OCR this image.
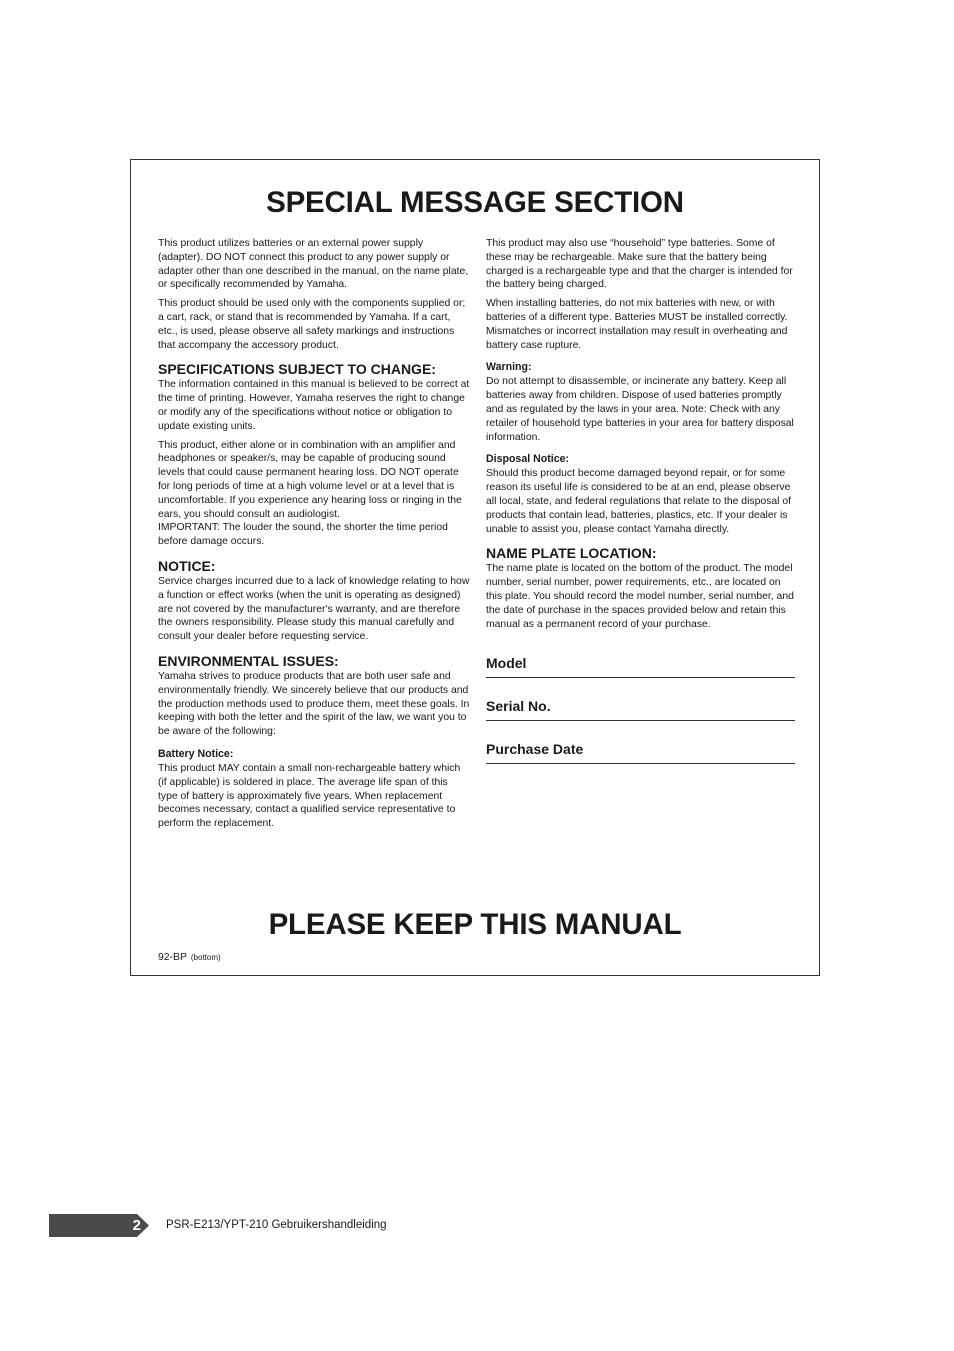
SPECIAL MESSAGE SECTION

This product utilizes batteries or an external power supply (adapter). DO NOT connect this product to any power supply or adapter other than one described in the manual, on the name plate, or specifically recommended by Yamaha.

This product should be used only with the components supplied or; a cart, rack, or stand that is recommended by Yamaha. If a cart, etc., is used, please observe all safety markings and instructions that accompany the accessory product.

SPECIFICATIONS SUBJECT TO CHANGE:

The information contained in this manual is believed to be correct at the time of printing. However, Yamaha reserves the right to change or modify any of the specifications without notice or obligation to update existing units.

This product, either alone or in combination with an amplifier and headphones or speaker/s, may be capable of producing sound levels that could cause permanent hearing loss. DO NOT operate for long periods of time at a high volume level or at a level that is uncomfortable. If you experience any hearing loss or ringing in the ears, you should consult an audiologist.

IMPORTANT: The louder the sound, the shorter the time period before damage occurs.

NOTICE:

Service charges incurred due to a lack of knowledge relating to how a function or effect works (when the unit is operating as designed) are not covered by the manufacturer's warranty, and are therefore the owners responsibility. Please study this manual carefully and consult your dealer before requesting service.

ENVIRONMENTAL ISSUES:

Yamaha strives to produce products that are both user safe and environmentally friendly. We sincerely believe that our products and the production methods used to produce them, meet these goals. In keeping with both the letter and the spirit of the law, we want you to be aware of the following:

Battery Notice:

This product MAY contain a small non-rechargeable battery which (if applicable) is soldered in place. The average life span of this type of battery is approximately five years. When replacement becomes necessary, contact a qualified service representative to perform the replacement.

This product may also use “household” type batteries. Some of these may be rechargeable. Make sure that the battery being charged is a rechargeable type and that the charger is intended for the battery being charged.

When installing batteries, do not mix batteries with new, or with batteries of a different type. Batteries MUST be installed correctly. Mismatches or incorrect installation may result in overheating and battery case rupture.

Warning:

Do not attempt to disassemble, or incinerate any battery. Keep all batteries away from children. Dispose of used batteries promptly and as regulated by the laws in your area. Note: Check with any retailer of household type batteries in your area for battery disposal information.

Disposal Notice:

Should this product become damaged beyond repair, or for some reason its useful life is considered to be at an end, please observe all local, state, and federal regulations that relate to the disposal of products that contain lead, batteries, plastics, etc. If your dealer is unable to assist you, please contact Yamaha directly.

NAME PLATE LOCATION:

The name plate is located on the bottom of the product. The model number, serial number, power requirements, etc., are located on this plate. You should record the model number, serial number, and the date of purchase in the spaces provided below and retain this manual as a permanent record of your purchase.

Model
Serial No.
Purchase Date
PLEASE KEEP THIS MANUAL
92-BP (bottom)
2 PSR-E213/YPT-210 Gebruikershandleiding
